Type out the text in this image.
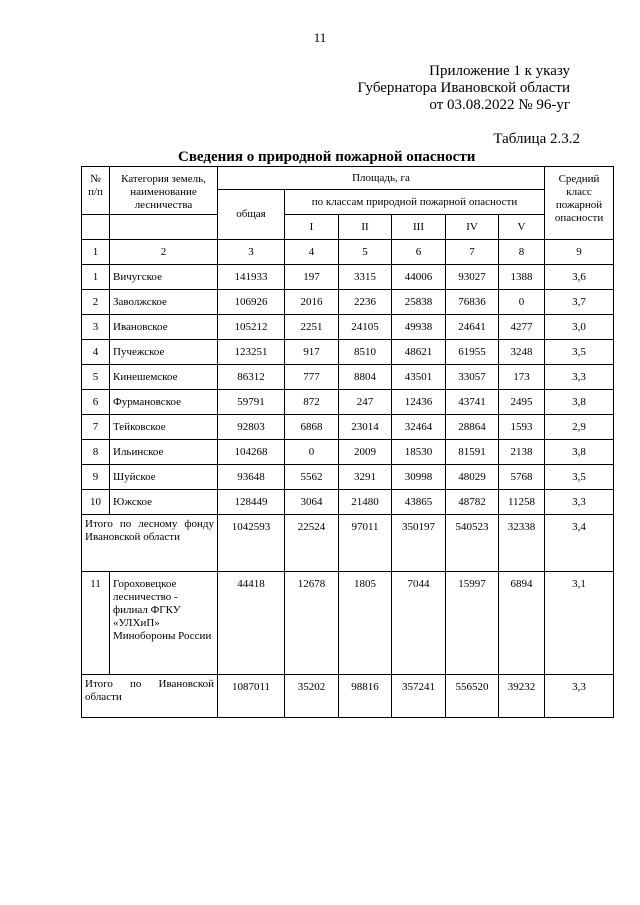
11
Приложение 1 к указу
Губернатора Ивановской области
от 03.08.2022 № 96-уг
Таблица 2.3.2
Сведения о природной пожарной опасности
№ п/п	Категория земель, наименование лесничества	Площадь, га						Средний класс пожарной опасности
		общая	по классам природной пожарной опасности					
			I	II	III	IV	V	
1	2	3	4	5	6	7	8	9
1	Вичугское	141933	197	3315	44006	93027	1388	3,6
2	Заволжское	106926	2016	2236	25838	76836	0	3,7
3	Ивановское	105212	2251	24105	49938	24641	4277	3,0
4	Пучежское	123251	917	8510	48621	61955	3248	3,5
5	Кинешемское	86312	777	8804	43501	33057	173	3,3
6	Фурмановское	59791	872	247	12436	43741	2495	3,8
7	Тейковское	92803	6868	23014	32464	28864	1593	2,9
8	Ильинское	104268	0	2009	18530	81591	2138	3,8
9	Шуйское	93648	5562	3291	30998	48029	5768	3,5
10	Южское	128449	3064	21480	43865	48782	11258	3,3
Итого по лесному фонду Ивановской области		1042593	22524	97011	350197	540523	32338	3,4
11	Гороховецкое лесничество - филиал ФГКУ «УЛХиП» Минобороны России	44418	12678	1805	7044	15997	6894	3,1
Итого по Ивановской области		1087011	35202	98816	357241	556520	39232	3,3
